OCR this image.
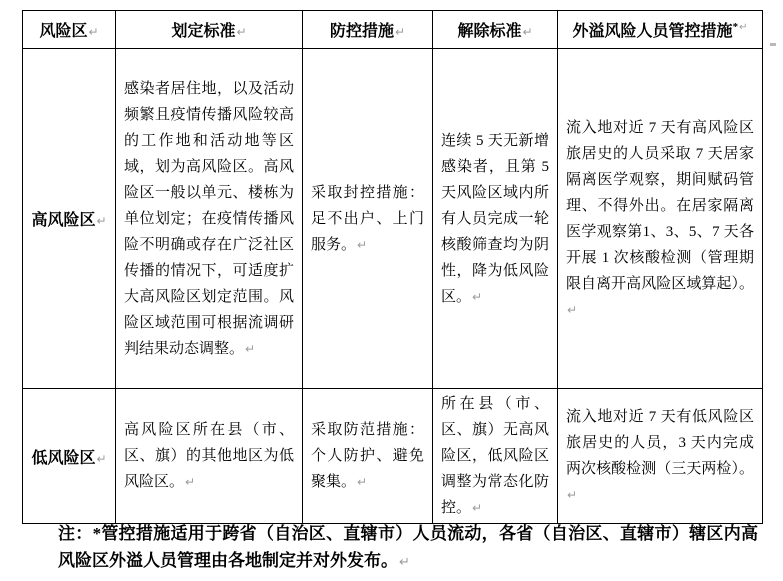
风险区↵	划定标准↵	防控措施↵	解除标准↵	外溢风险人员管控措施*↵
高风险区↵	感染者居住地，以及活动频繁且疫情传播风险较高的工作地和活动地等区域，划为高风险区。高风险区一般以单元、楼栋为单位划定；在疫情传播风险不明确或存在广泛社区传播的情况下，可适度扩大高风险区划定范围。风险区域范围可根据流调研判结果动态调整。↵	采取封控措施：足不出户、上门服务。↵	连续 5 天无新增感染者，且第 5 天风险区域内所有人员完成一轮核酸筛查均为阴性，降为低风险区。↵	流入地对近 7 天有高风险区旅居史的人员采取 7 天居家隔离医学观察，期间赋码管理、不得外出。在居家隔离医学观察第1、3、5、7 天各开展 1 次核酸检测（管理期限自离开高风险区域算起）。↵
低风险区↵	高风险区所在县（市、区、旗）的其他地区为低风险区。↵	采取防范措施：个人防护、避免聚集。↵	所在县（市、区、旗）无高风险区，低风险区调整为常态化防控。↵	流入地对近 7 天有低风险区旅居史的人员，3 天内完成两次核酸检测（三天两检）。↵
注：*管控措施适用于跨省（自治区、直辖市）人员流动，各省（自治区、直辖市）辖区内高风险区外溢人员管理由各地制定并对外发布。↵
